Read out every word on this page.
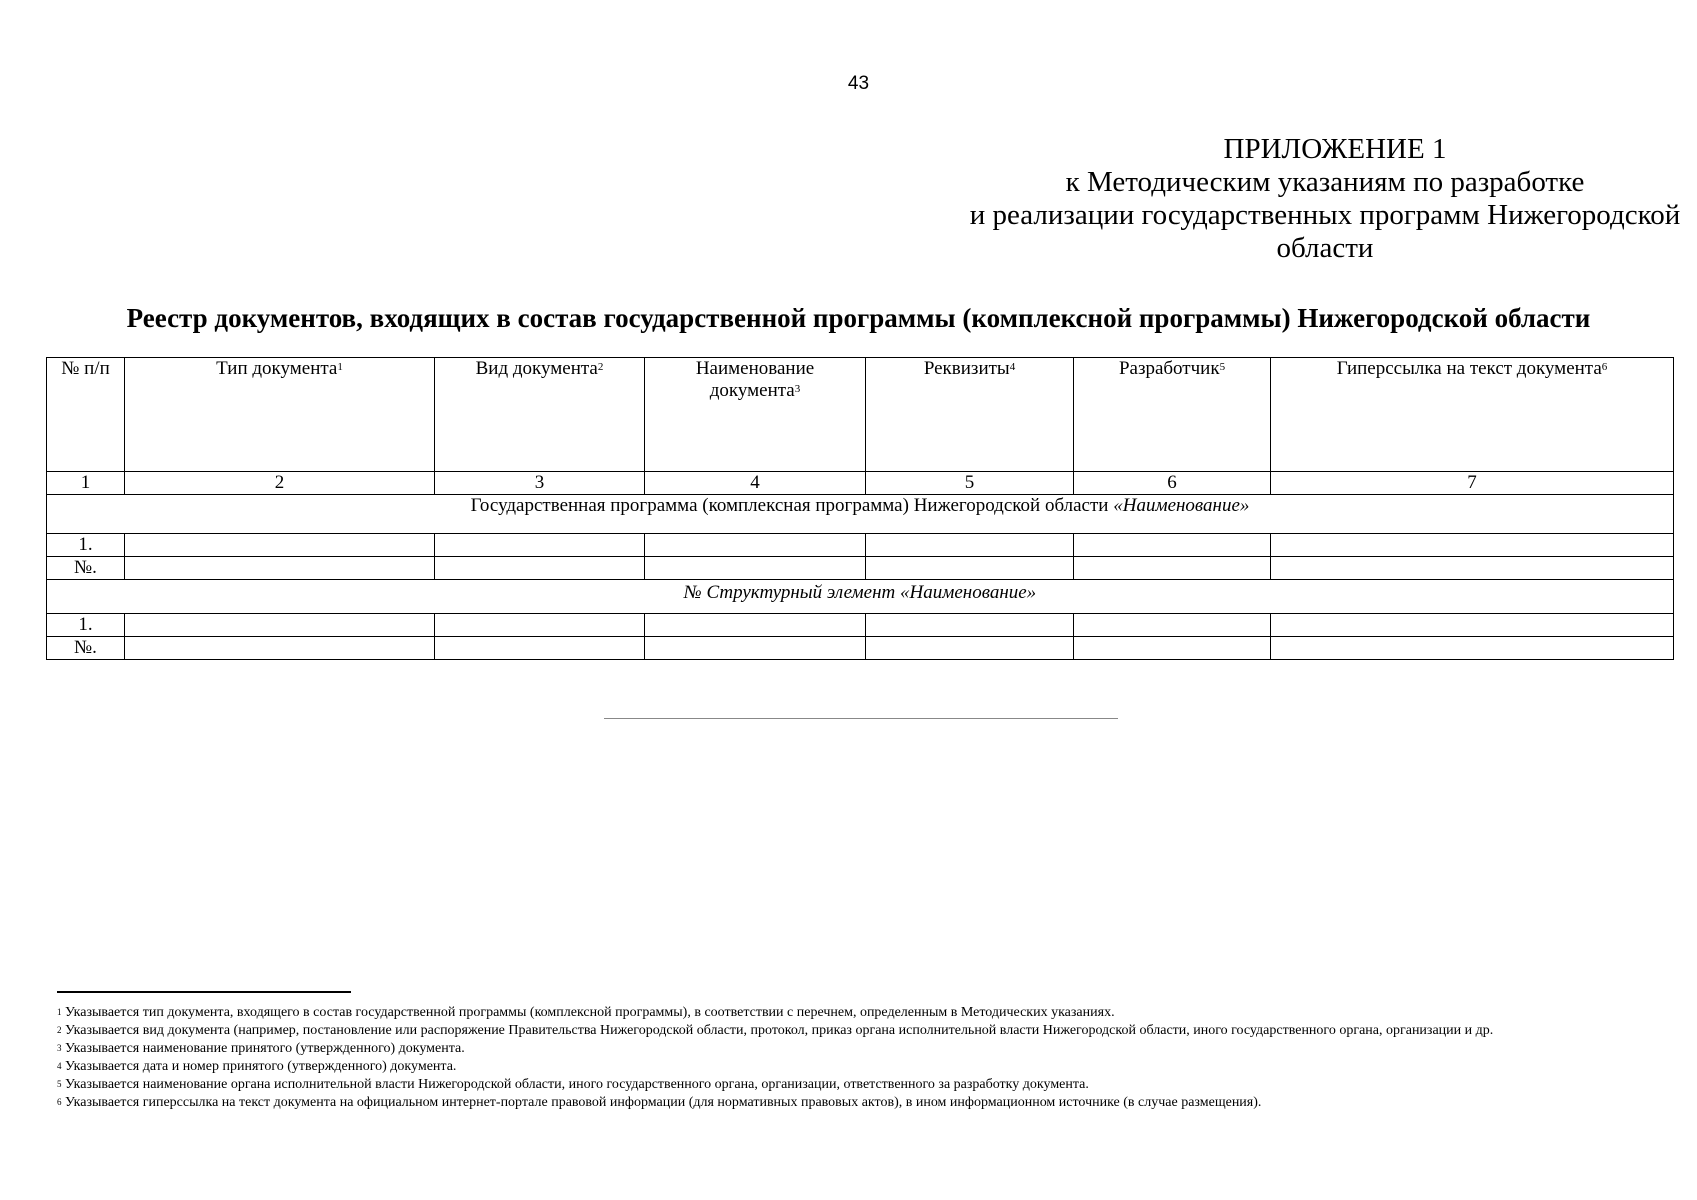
43
ПРИЛОЖЕНИЕ 1
к Методическим указаниям по разработке
и реализации государственных программ Нижегородской
области
Реестр документов, входящих в состав государственной программы (комплексной программы) Нижегородской области
№ п/п	Тип документа$^1$	Вид документа$^2$	Наименование документа$^3$	Реквизиты$^4$	Разработчик$^5$	Гиперссылка на текст документа$^6$
1	2	3	4	5	6	7
Государственная программа (комплексная программа) Нижегородской области «Наименование»						
1.						
№.						
№ Структурный элемент «Наименование»						
1.						
№.						

$^1$ Указывается тип документа, входящего в состав государственной программы (комплексной программы), в соответствии с перечнем, определенным в Методических указаниях.

$^2$ Указывается вид документа (например, постановление или распоряжение Правительства Нижегородской области, протокол, приказ органа исполнительной власти Нижегородской области, иного государственного органа, организации и др.

$^3$ Указывается наименование принятого (утвержденного) документа.

$^4$ Указывается дата и номер принятого (утвержденного) документа.

$^5$ Указывается наименование органа исполнительной власти Нижегородской области, иного государственного органа, организации, ответственного за разработку документа.

$^6$ Указывается гиперссылка на текст документа на официальном интернет-портале правовой информации (для нормативных правовых актов), в ином информационном источнике (в случае размещения).
